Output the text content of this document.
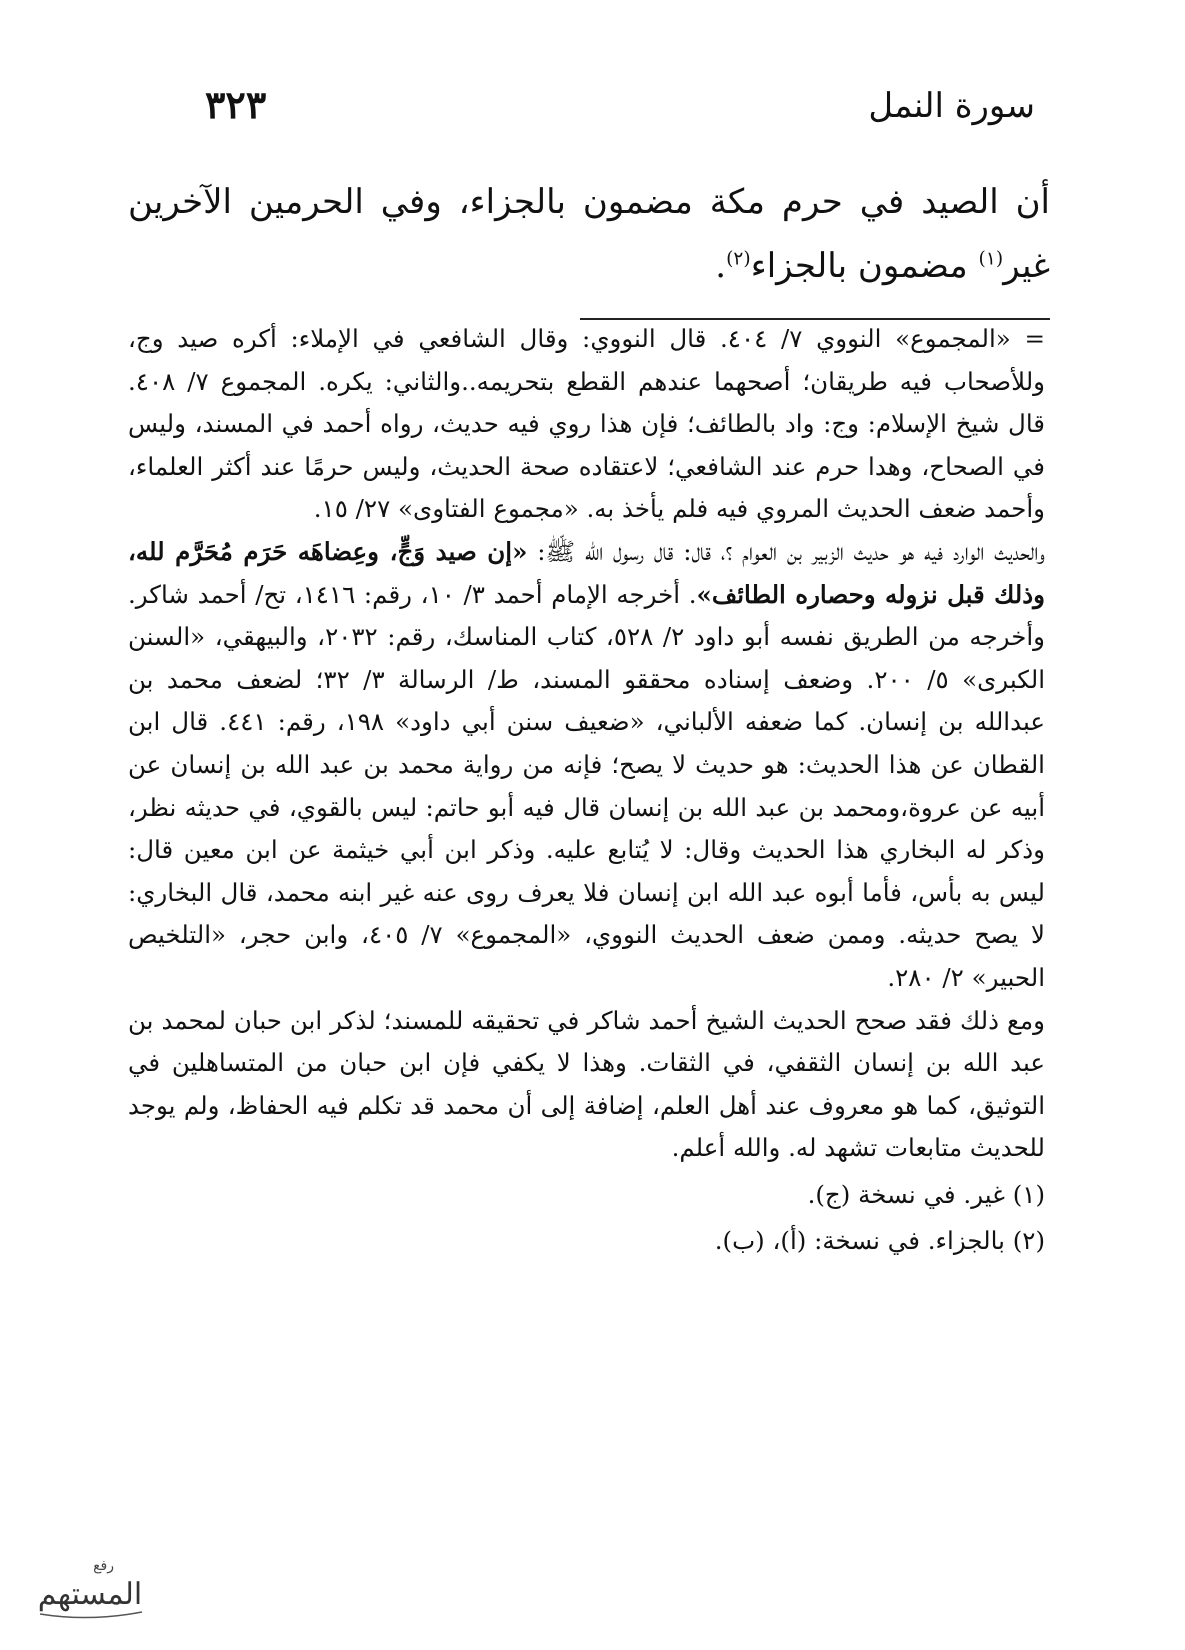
سورة النمل
٣٢٣
أن الصيد في حرم مكة مضمون بالجزاء، وفي الحرمين الآخرين غير$^{(١)}$ مضمون بالجزاء$^{(٢)}$.

= «المجموع» النووي ٧/ ٤٠٤. قال النووي: وقال الشافعي في الإملاء: أكره صيد وج، وللأصحاب فيه طريقان؛ أصحهما عندهم القطع بتحريمه..والثاني: يكره. المجموع ٧/ ٤٠٨. قال شيخ الإسلام: وج: واد بالطائف؛ فإن هذا روي فيه حديث، رواه أحمد في المسند، وليس في الصحاح، وهدا حرم عند الشافعي؛ لاعتقاده صحة الحديث، وليس حرمًا عند أكثر العلماء، وأحمد ضعف الحديث المروي فيه فلم يأخذ به. «مجموع الفتاوى» ٢٧/ ١٥.

والحديث الوارد فيه هو حديث الزبير بن العوام ؟، قال: قال رسول الله ﷺ: «إن صيد وَجٍّ، وعِضاهَه حَرَم مُحَرَّم لله، وذلك قبل نزوله وحصاره الطائف». أخرجه الإمام أحمد ٣/ ١٠، رقم: ١٤١٦، تح/ أحمد شاكر. وأخرجه من الطريق نفسه أبو داود ٢/ ٥٢٨، كتاب المناسك، رقم: ٢٠٣٢، والبيهقي، «السنن الكبرى» ٥/ ٢٠٠. وضعف إسناده محققو المسند، ط/ الرسالة ٣/ ٣٢؛ لضعف محمد بن عبدالله بن إنسان. كما ضعفه الألباني، «ضعيف سنن أبي داود» ١٩٨، رقم: ٤٤١. قال ابن القطان عن هذا الحديث: هو حديث لا يصح؛ فإنه من رواية محمد بن عبد الله بن إنسان عن أبيه عن عروة،ومحمد بن عبد الله بن إنسان قال فيه أبو حاتم: ليس بالقوي، في حديثه نظر، وذكر له البخاري هذا الحديث وقال: لا يُتابع عليه. وذكر ابن أبي خيثمة عن ابن معين قال: ليس به بأس، فأما أبوه عبد الله ابن إنسان فلا يعرف روى عنه غير ابنه محمد، قال البخاري: لا يصح حديثه. وممن ضعف الحديث النووي، «المجموع» ٧/ ٤٠٥، وابن حجر، «التلخيص الحبير» ٢/ ٢٨٠.

ومع ذلك فقد صحح الحديث الشيخ أحمد شاكر في تحقيقه للمسند؛ لذكر ابن حبان لمحمد بن عبد الله بن إنسان الثقفي، في الثقات. وهذا لا يكفي فإن ابن حبان من المتساهلين في التوثيق، كما هو معروف عند أهل العلم، إضافة إلى أن محمد قد تكلم فيه الحفاظ، ولم يوجد للحديث متابعات تشهد له. والله أعلم.

(١) غير. في نسخة (ج).

(٢) بالجزاء. في نسخة: (أ)، (ب).

رفع
المستهم
